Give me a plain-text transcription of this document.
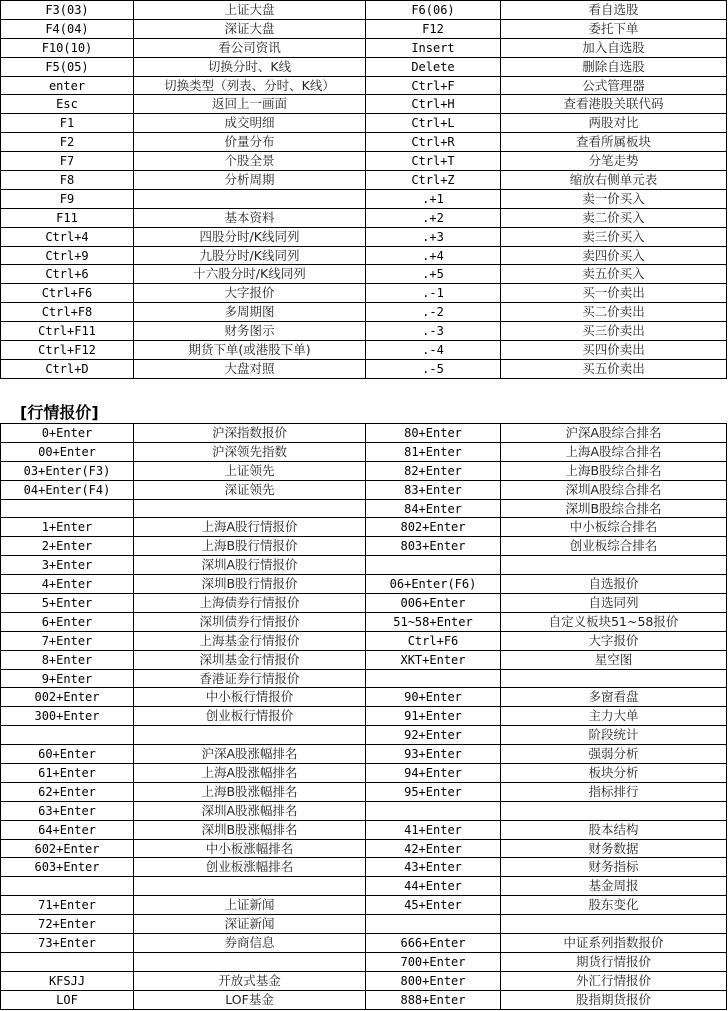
F3(03)	上证大盘	F6(06)	看自选股
F4(04)	深证大盘	F12	委托下单
F10(10)	看公司资讯	Insert	加入自选股
F5(05)	切换分时、K线	Delete	删除自选股
enter	切换类型（列表、分时、K线）	Ctrl+F	公式管理器
Esc	返回上一画面	Ctrl+H	查看港股关联代码
F1	成交明细	Ctrl+L	两股对比
F2	价量分布	Ctrl+R	查看所属板块
F7	个股全景	Ctrl+T	分笔走势
F8	分析周期	Ctrl+Z	缩放右侧单元表
F9		.+1	卖一价买入
F11	基本资料	.+2	卖二价买入
Ctrl+4	四股分时/K线同列	.+3	卖三价买入
Ctrl+9	九股分时/K线同列	.+4	卖四价买入
Ctrl+6	十六股分时/K线同列	.+5	卖五价买入
Ctrl+F6	大字报价	.-1	买一价卖出
Ctrl+F8	多周期图	.-2	买二价卖出
Ctrl+F11	财务图示	.-3	买三价卖出
Ctrl+F12	期货下单(或港股下单)	.-4	买四价卖出
Ctrl+D	大盘对照	.-5	买五价卖出
[行情报价]
0+Enter	沪深指数报价	80+Enter	沪深A股综合排名
00+Enter	沪深领先指数	81+Enter	上海A股综合排名
03+Enter(F3)	上证领先	82+Enter	上海B股综合排名
04+Enter(F4)	深证领先	83+Enter	深圳A股综合排名
		84+Enter	深圳B股综合排名
1+Enter	上海A股行情报价	802+Enter	中小板综合排名
2+Enter	上海B股行情报价	803+Enter	创业板综合排名
3+Enter	深圳A股行情报价		
4+Enter	深圳B股行情报价	06+Enter(F6)	自选报价
5+Enter	上海债券行情报价	006+Enter	自选同列
6+Enter	深圳债券行情报价	51~58+Enter	自定义板块51~58报价
7+Enter	上海基金行情报价	Ctrl+F6	大字报价
8+Enter	深圳基金行情报价	XKT+Enter	星空图
9+Enter	香港证券行情报价		
002+Enter	中小板行情报价	90+Enter	多窗看盘
300+Enter	创业板行情报价	91+Enter	主力大单
		92+Enter	阶段统计
60+Enter	沪深A股涨幅排名	93+Enter	强弱分析
61+Enter	上海A股涨幅排名	94+Enter	板块分析
62+Enter	上海B股涨幅排名	95+Enter	指标排行
63+Enter	深圳A股涨幅排名		
64+Enter	深圳B股涨幅排名	41+Enter	股本结构
602+Enter	中小板涨幅排名	42+Enter	财务数据
603+Enter	创业板涨幅排名	43+Enter	财务指标
		44+Enter	基金周报
71+Enter	上证新闻	45+Enter	股东变化
72+Enter	深证新闻		
73+Enter	券商信息	666+Enter	中证系列指数报价
		700+Enter	期货行情报价
KFSJJ	开放式基金	800+Enter	外汇行情报价
LOF	LOF基金	888+Enter	股指期货报价
